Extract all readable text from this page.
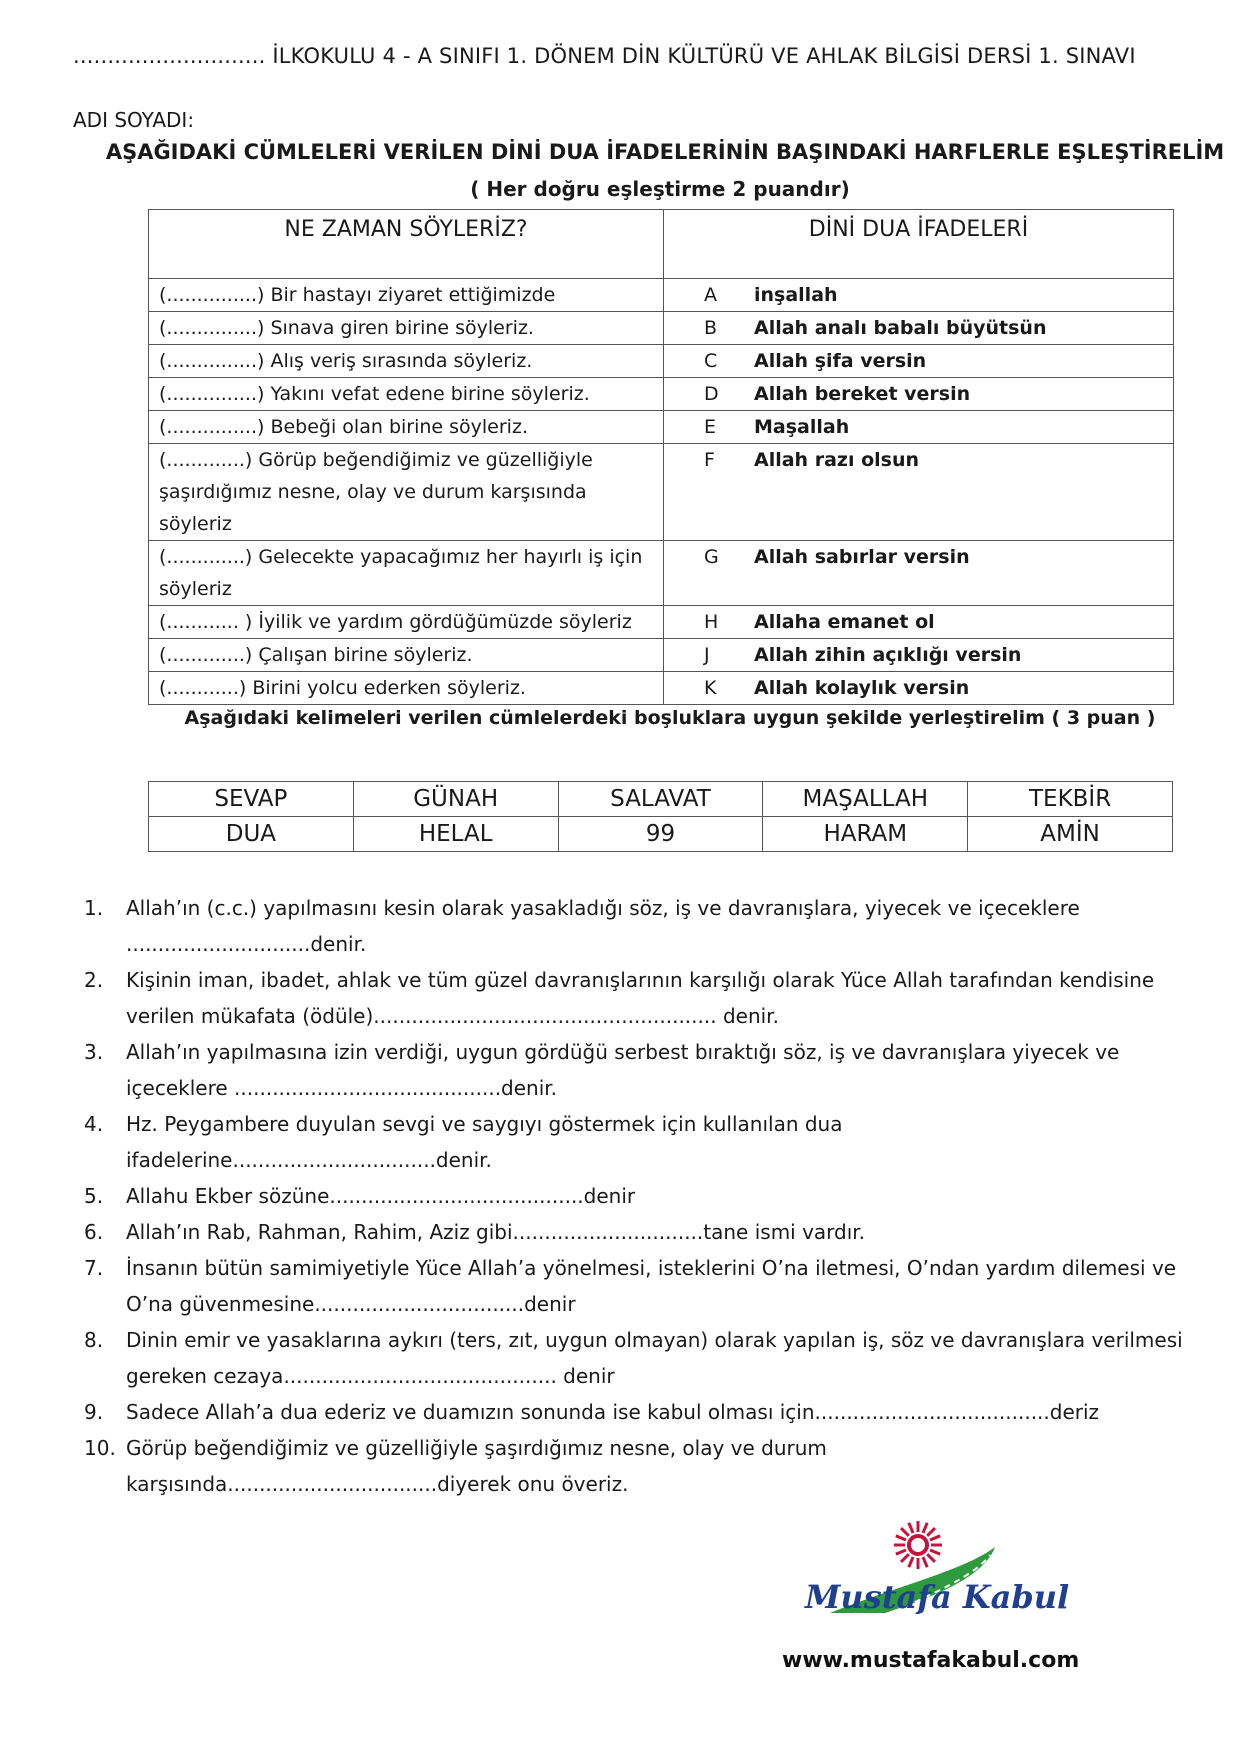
............................ İLKOKULU 4 - A SINIFI 1. DÖNEM DİN KÜLTÜRÜ VE AHLAK BİLGİSİ DERSİ 1. SINAVI
ADI SOYADI:
AŞAĞIDAKİ CÜMLELERİ VERİLEN DİNİ DUA İFADELERİNİN BAŞINDAKİ HARFLERLE EŞLEŞTİRELİM
( Her doğru eşleştirme 2 puandır)
NE ZAMAN SÖYLERİZ?	DİNİ DUA İFADELERİ
(...............) Bir hastayı ziyaret ettiğimizde	A inşallah
(...............) Sınava giren birine söyleriz.	B Allah analı babalı büyütsün
(...............) Alış veriş sırasında söyleriz.	C Allah şifa versin
(...............) Yakını vefat edene birine söyleriz.	D Allah bereket versin
(...............) Bebeği olan birine söyleriz.	E Maşallah
(.............) Görüp beğendiğimiz ve güzelliğiyle şaşırdığımız nesne, olay ve durum karşısında söyleriz	F Allah razı olsun
(.............) Gelecekte yapacağımız her hayırlı iş için söyleriz	G Allah sabırlar versin
(............ ) İyilik ve yardım gördüğümüzde söyleriz	H Allaha emanet ol
(.............) Çalışan birine söyleriz.	J Allah zihin açıklığı versin
(............) Birini yolcu ederken söyleriz.	K Allah kolaylık versin
Aşağıdaki kelimeleri verilen cümlelerdeki boşluklara uygun şekilde yerleştirelim ( 3 puan )
SEVAP	GÜNAH	SALAVAT	MAŞALLAH	TEKBİR
DUA	HELAL	99	HARAM	AMİN
1.	Allah’ın (c.c.) yapılmasını kesin olarak yasakladığı söz, iş ve davranışlara, yiyecek ve içeceklere .............................denir.
2.	Kişinin iman, ibadet, ahlak ve tüm güzel davranışlarının karşılığı olarak Yüce Allah tarafından kendisine verilen mükafata (ödüle)...................................................... denir.
3.	Allah’ın yapılmasına izin verdiği, uygun gördüğü serbest bıraktığı söz, iş ve davranışlara yiyecek ve içeceklere ..........................................denir.
4.	Hz. Peygambere duyulan sevgi ve saygıyı göstermek için kullanılan dua ifadelerine................................denir.
5.	Allahu Ekber sözüne........................................denir
6.	Allah’ın Rab, Rahman, Rahim, Aziz gibi..............................tane ismi vardır.
7.	İnsanın bütün samimiyetiyle Yüce Allah’a yönelmesi, isteklerini O’na iletmesi, O’ndan yardım dilemesi ve O’na güvenmesine.................................denir
8.	Dinin emir ve yasaklarına aykırı (ters, zıt, uygun olmayan) olarak yapılan iş, söz ve davranışlara verilmesi gereken cezaya........................................... denir
9.	Sadece Allah’a dua ederiz ve duamızın sonunda ise kabul olması için.....................................deriz
10. Görüp beğendiğimiz ve güzelliğiyle şaşırdığımız nesne, olay ve durum karşısında.................................diyerek onu överiz.
Mustafa Kabul
www.mustafakabul.com
